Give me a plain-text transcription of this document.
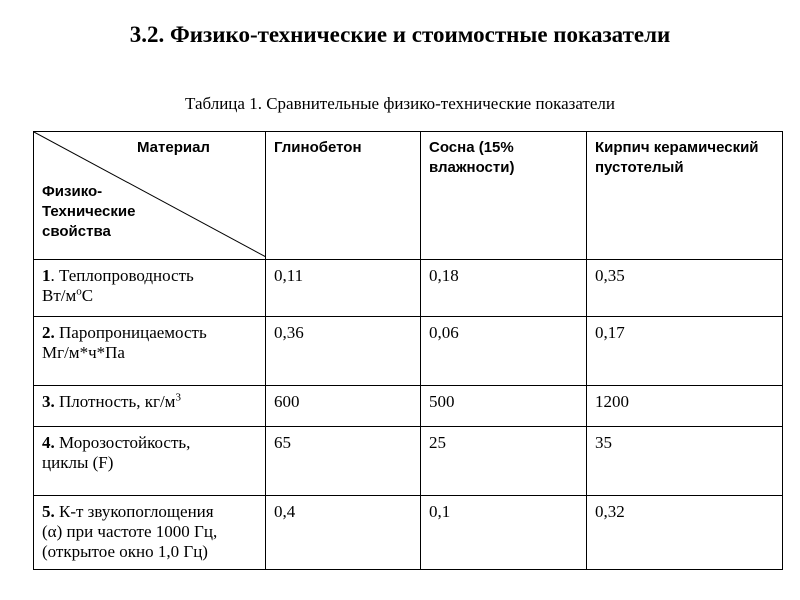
3.2. Физико-технические и стоимостные показатели
Таблица 1. Сравнительные физико-технические показатели
Материал
Физико-
Технические
свойства	Глинобетон	Сосна (15% влажности)	Кирпич керамический пустотелый
1. Теплопроводность
$Вт/м^oС$	0,11	0,18	0,35
2. Паропроницаемость
Мг/м*ч*Па	0,36	0,06	0,17
3. Плотность, $кг/м^3$	600	500	1200
4. Морозостойкость,
циклы (F)	65	25	35
5. К-т звукопоглощения
(α) при частоте 1000 Гц,
(открытое окно 1,0 Гц)	0,4	0,1	0,32
